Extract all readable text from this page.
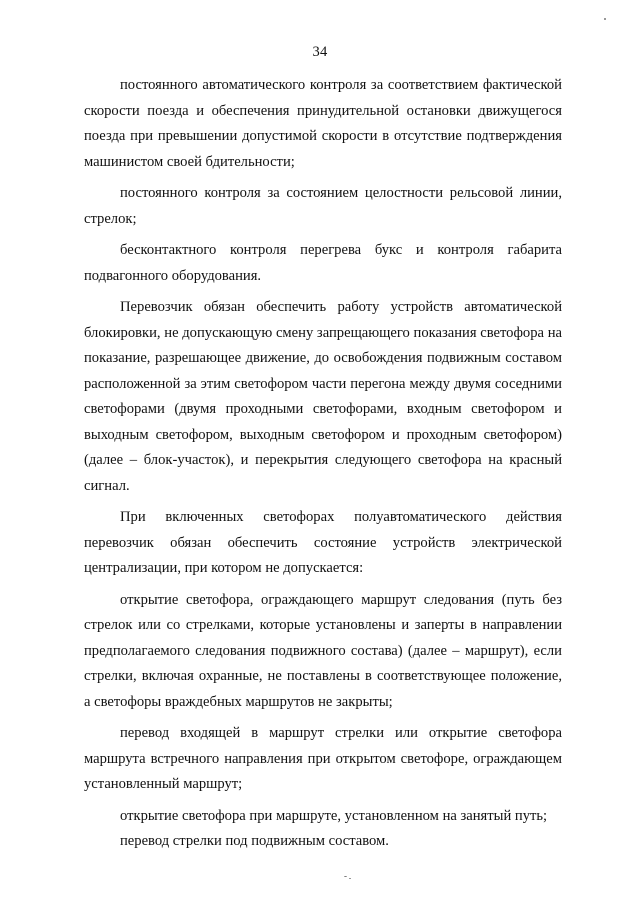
34

постоянного автоматического контроля за соответствием фактической скорости поезда и обеспечения принудительной остановки движущегося поезда при превышении допустимой скорости в отсутствие подтверждения машинистом своей бдительности;

постоянного контроля за состоянием целостности рельсовой линии, стрелок;

бесконтактного контроля перегрева букс и контроля габарита подвагонного оборудования.

Перевозчик обязан обеспечить работу устройств автоматической блокировки, не допускающую смену запрещающего показания светофора на показание, разрешающее движение, до освобождения подвижным составом расположенной за этим светофором части перегона между двумя соседними светофорами (двумя проходными светофорами, входным светофором и выходным светофором, выходным светофором и проходным светофором) (далее – блок-участок), и перекрытия следующего светофора на красный сигнал.

При включенных светофорах полуавтоматического действия перевозчик обязан обеспечить состояние устройств электрической централизации, при котором не допускается:

открытие светофора, ограждающего маршрут следования (путь без стрелок или со стрелками, которые установлены и заперты в направлении предполагаемого следования подвижного состава) (далее – маршрут), если стрелки, включая охранные, не поставлены в соответствующее положение, а светофоры враждебных маршрутов не закрыты;

перевод входящей в маршрут стрелки или открытие светофора маршрута встречного направления при открытом светофоре, ограждающем установленный маршрут;

открытие светофора при маршруте, установленном на занятый путь;

перевод стрелки под подвижным составом.
